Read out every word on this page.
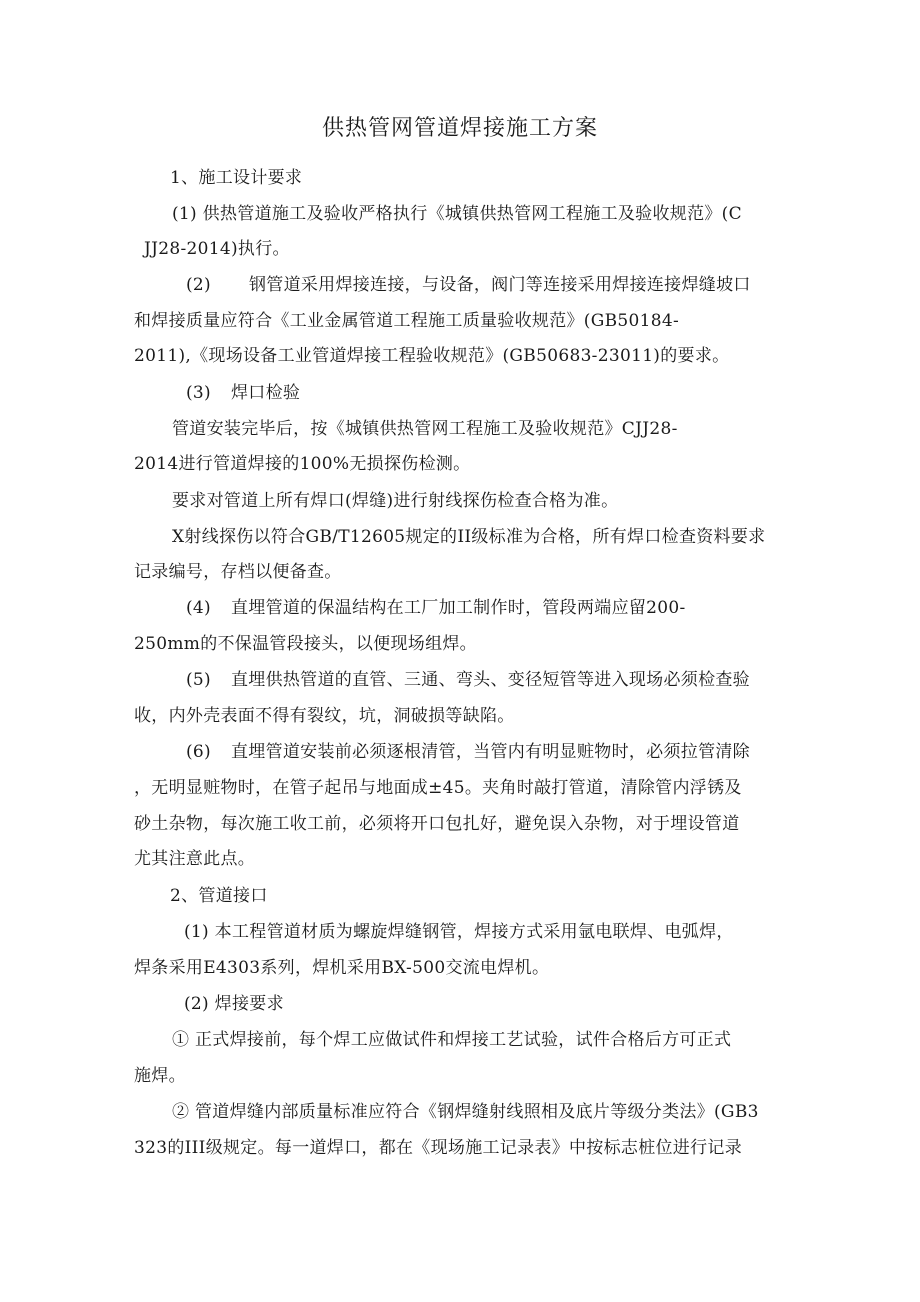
供热管网管道焊接施工方案
1、施工设计要求
(1) 供热管道施工及验收严格执行《城镇供热管网工程施工及验收规范》(C
JJ28-2014)执行。
(2) 钢管道采用焊接连接，与设备，阀门等连接采用焊接连接焊缝坡口
和焊接质量应符合《工业金属管道工程施工质量验收规范》(GB50184-
2011),《现场设备工业管道焊接工程验收规范》(GB50683-23011)的要求。
(3) 焊口检验
管道安装完毕后，按《城镇供热管网工程施工及验收规范》CJJ28-
2014进行管道焊接的100%无损探伤检测。
要求对管道上所有焊口(焊缝)进行射线探伤检查合格为准。
X射线探伤以符合GB/T12605规定的II级标准为合格，所有焊口检查资料要求
记录编号，存档以便备查。
(4) 直埋管道的保温结构在工厂加工制作时，管段两端应留200-
250mm的不保温管段接头，以便现场组焊。
(5) 直埋供热管道的直管、三通、弯头、变径短管等进入现场必须检查验
收，内外壳表面不得有裂纹，坑，洞破损等缺陷。
(6) 直埋管道安装前必须逐根清管，当管内有明显赃物时，必须拉管清除
，无明显赃物时，在管子起吊与地面成±45。夹角时敲打管道，清除管内浮锈及
砂土杂物，每次施工收工前，必须将开口包扎好，避免误入杂物，对于埋设管道
尤其注意此点。
2、管道接口
(1) 本工程管道材质为螺旋焊缝钢管，焊接方式采用氩电联焊、电弧焊，
焊条采用E4303系列，焊机采用BX-500交流电焊机。
(2) 焊接要求
① 正式焊接前，每个焊工应做试件和焊接工艺试验，试件合格后方可正式
施焊。
② 管道焊缝内部质量标准应符合《钢焊缝射线照相及底片等级分类法》(GB3
323的III级规定。每一道焊口，都在《现场施工记录表》中按标志桩位进行记录
